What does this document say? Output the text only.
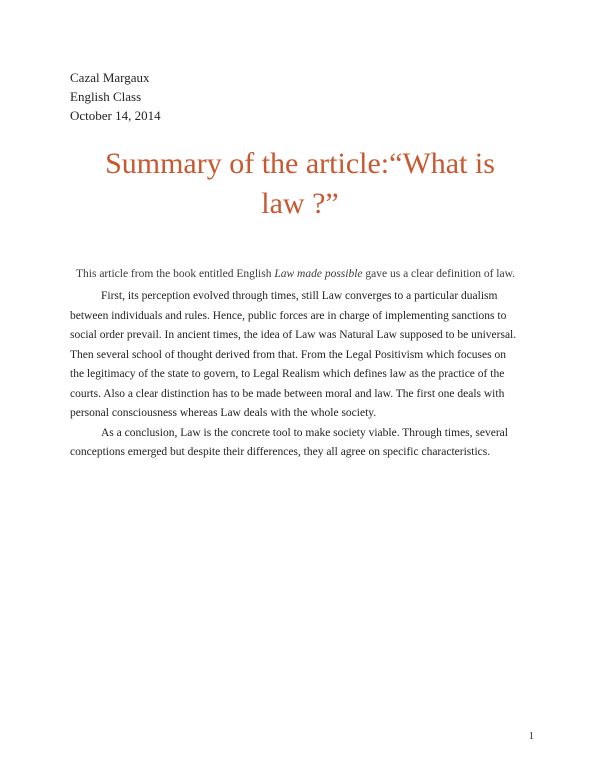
Cazal Margaux
English Class
October 14, 2014
Summary of the article:“What is
law ?”
This article from the book entitled English Law made possible gave us a clear definition of law.
First, its perception evolved through times, still Law converges to a particular dualism
between individuals and rules. Hence, public forces are in charge of implementing sanctions to
social order prevail. In ancient times, the idea of Law was Natural Law supposed to be universal.
Then several school of thought derived from that. From the Legal Positivism which focuses on
the legitimacy of the state to govern, to Legal Realism which defines law as the practice of the
courts. Also a clear distinction has to be made between moral and law. The first one deals with
personal consciousness whereas Law deals with the whole society.
As a conclusion, Law is the concrete tool to make society viable. Through times, several
conceptions emerged but despite their differences, they all agree on specific characteristics.
1
